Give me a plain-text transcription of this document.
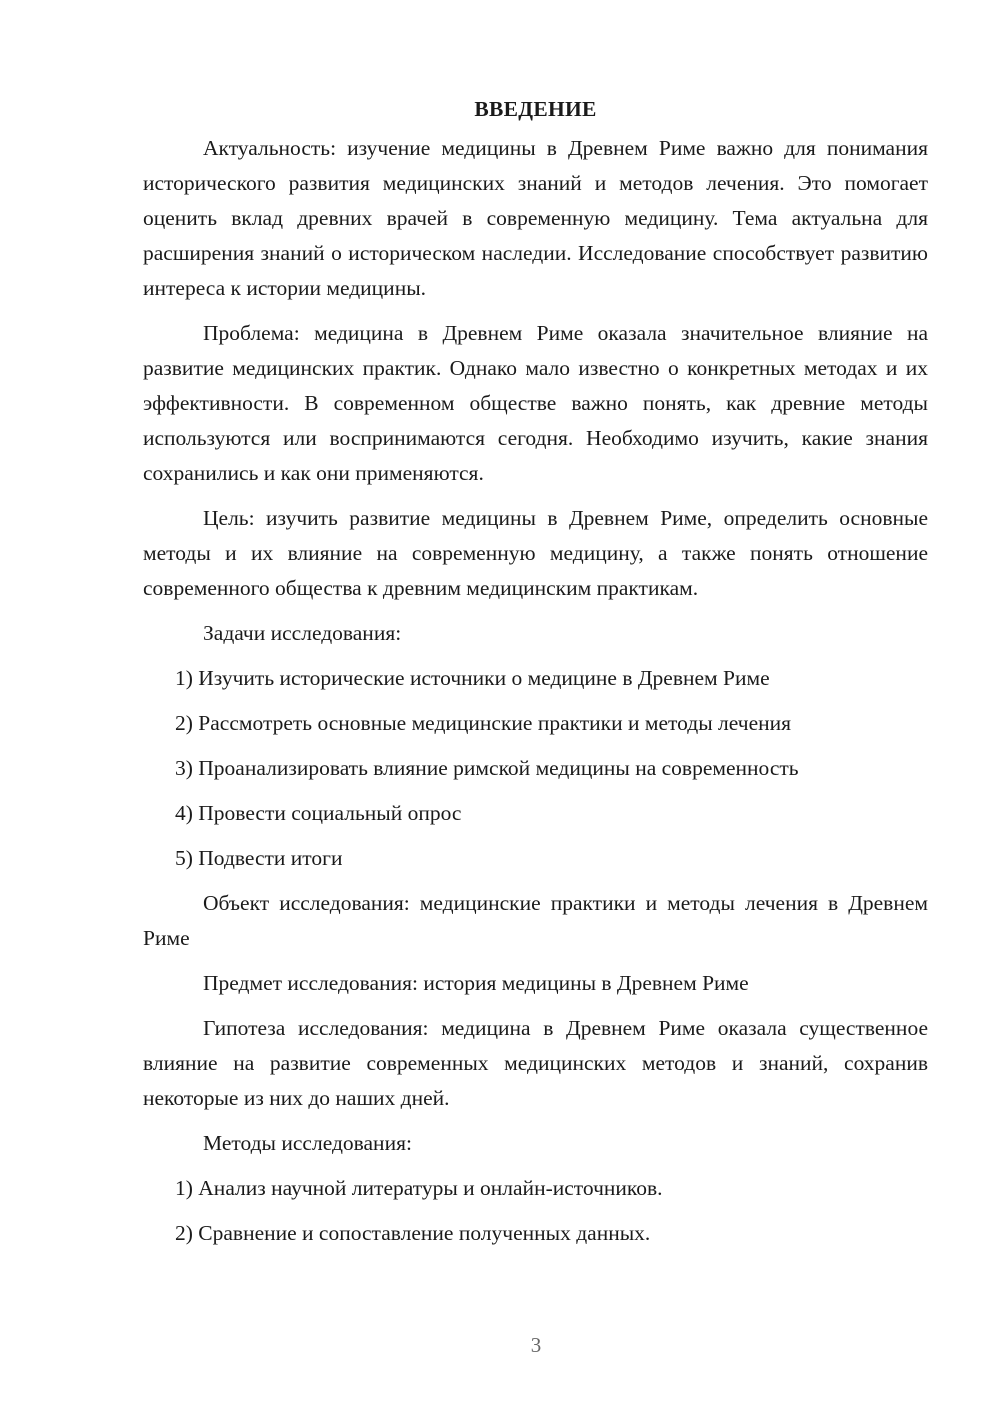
ВВЕДЕНИЕ

Актуальность: изучение медицины в Древнем Риме важно для понимания исторического развития медицинских знаний и методов лечения. Это помогает оценить вклад древних врачей в современную медицину. Тема актуальна для расширения знаний о историческом наследии. Исследование способствует развитию интереса к истории медицины.

Проблема: медицина в Древнем Риме оказала значительное влияние на развитие медицинских практик. Однако мало известно о конкретных методах и их эффективности. В современном обществе важно понять, как древние методы используются или воспринимаются сегодня. Необходимо изучить, какие знания сохранились и как они применяются.

Цель: изучить развитие медицины в Древнем Риме, определить основные методы и их влияние на современную медицину, а также понять отношение современного общества к древним медицинским практикам.

Задачи исследования:

1) Изучить исторические источники о медицине в Древнем Риме

2) Рассмотреть основные медицинские практики и методы лечения

3) Проанализировать влияние римской медицины на современность

4) Провести социальный опрос

5) Подвести итоги

Объект исследования: медицинские практики и методы лечения в Древнем Риме

Предмет исследования: история медицины в Древнем Риме

Гипотеза исследования: медицина в Древнем Риме оказала существенное влияние на развитие современных медицинских методов и знаний, сохранив некоторые из них до наших дней.

Методы исследования:

1) Анализ научной литературы и онлайн-источников.

2) Сравнение и сопоставление полученных данных.

3
